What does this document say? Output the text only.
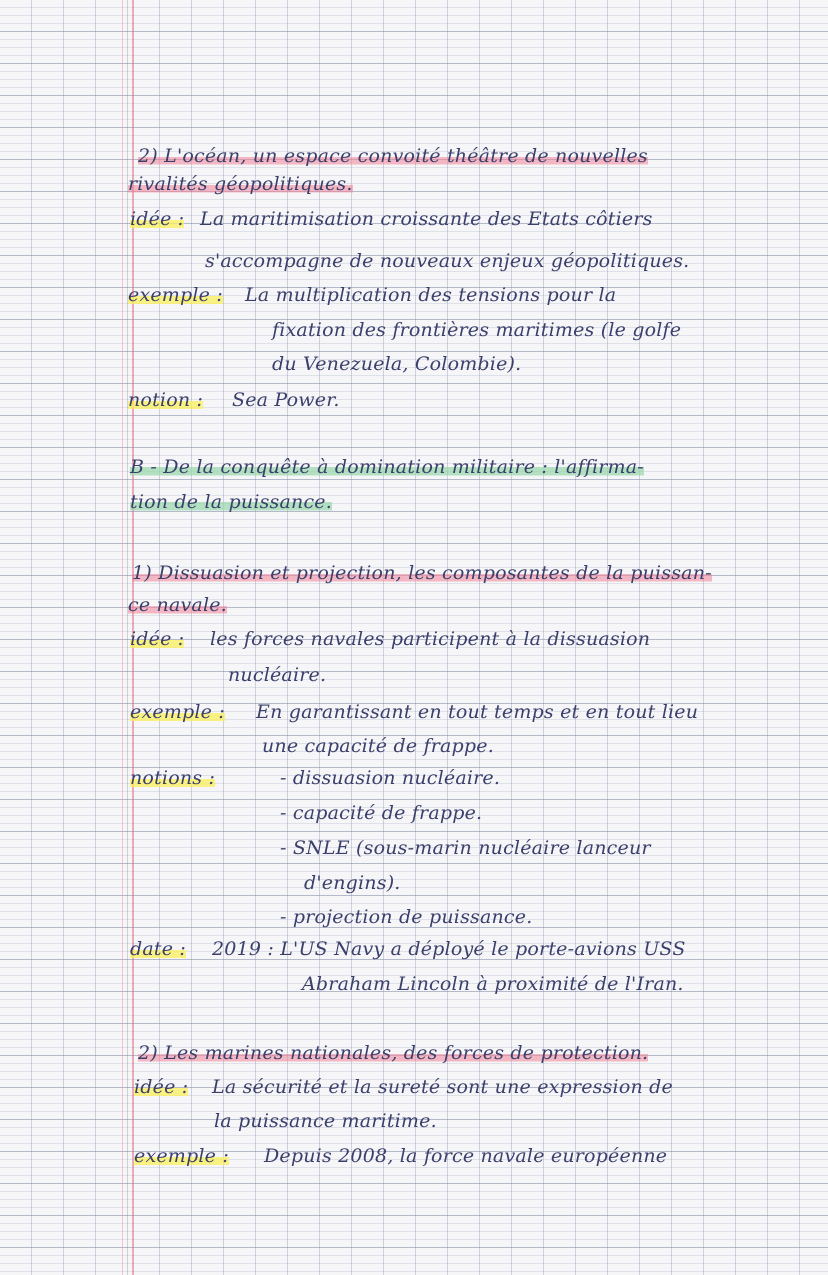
2) L'océan, un espace convoité théâtre de nouvelles
rivalités géopolitiques.
idée : La maritimisation croissante des Etats côtiers
s'accompagne de nouveaux enjeux géopolitiques.
exemple : La multiplication des tensions pour la
fixation des frontières maritimes (le golfe
du Venezuela, Colombie).
notion : Sea Power.
B - De la conquête à domination militaire : l'affirma-
tion de la puissance.
1) Dissuasion et projection, les composantes de la puissan-
ce navale.
idée : les forces navales participent à la dissuasion
nucléaire.
exemple : En garantissant en tout temps et en tout lieu
une capacité de frappe.
notions :	- dissuasion nucléaire.
- capacité de frappe.
- SNLE (sous-marin nucléaire lanceur
d'engins).
- projection de puissance.
date : 2019 : L'US Navy a déployé le porte-avions USS
Abraham Lincoln à proximité de l'Iran.
2) Les marines nationales, des forces de protection.
idée : La sécurité et la sureté sont une expression de
la puissance maritime.
exemple : Depuis 2008, la force navale européenne
